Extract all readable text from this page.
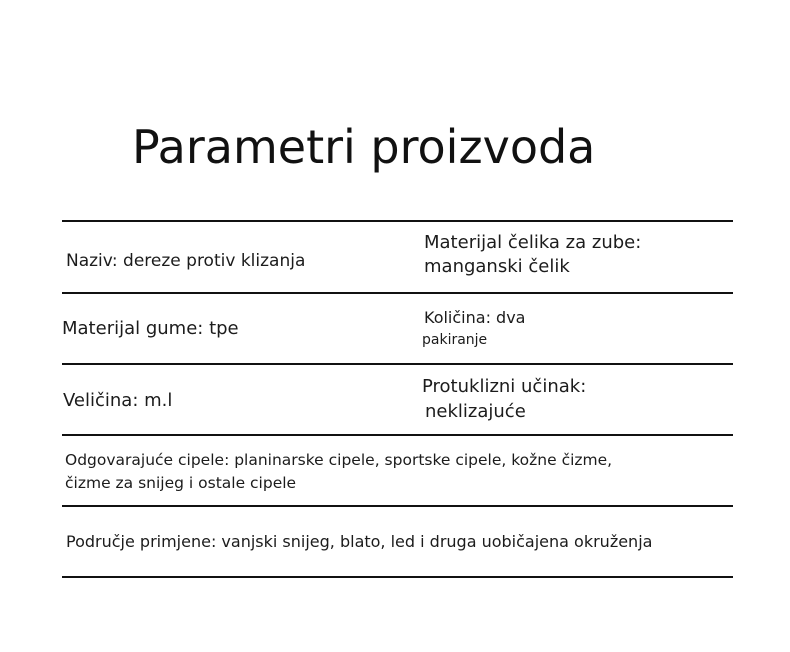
Parametri proizvoda
Naziv: dereze protiv klizanja
Materijal čelika za zube:
manganski čelik
Materijal gume: tpe
Količina: dva
pakiranje
Veličina: m.l
Protuklizni učinak:
neklizajuće
Odgovarajuće cipele: planinarske cipele, sportske cipele, kožne čizme,
čizme za snijeg i ostale cipele
Područje primjene: vanjski snijeg, blato, led i druga uobičajena okruženja
